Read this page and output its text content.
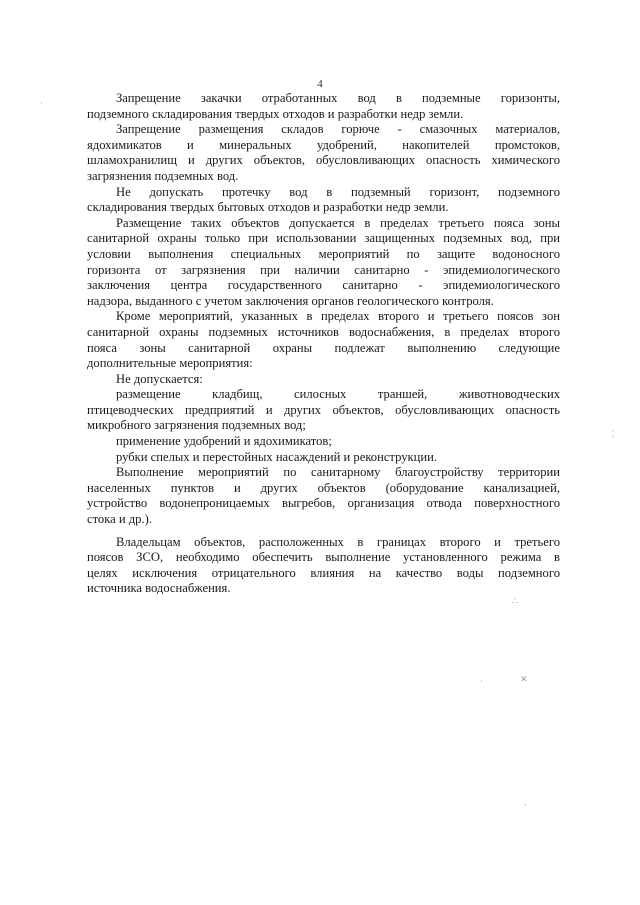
4
Запрещение закачки отработанных вод в подземные горизонты,
подземного складирования твердых отходов и разработки недр земли.
Запрещение размещения складов горюче - смазочных материалов,
ядохимикатов и минеральных удобрений, накопителей промстоков,
шламохранилищ и других объектов, обусловливающих опасность химического
загрязнения подземных вод.
Не допускать протечку вод в подземный горизонт, подземного
складирования твердых бытовых отходов и разработки недр земли.
Размещение таких объектов допускается в пределах третьего пояса зоны
санитарной охраны только при использовании защищенных подземных вод, при
условии выполнения специальных мероприятий по защите водоносного
горизонта от загрязнения при наличии санитарно - эпидемиологического
заключения центра государственного санитарно - эпидемиологического
надзора, выданного с учетом заключения органов геологического контроля.
Кроме мероприятий, указанных в пределах второго и третьего поясов зон
санитарной охраны подземных источников водоснабжения, в пределах второго
пояса зоны санитарной охраны подлежат выполнению следующие
дополнительные мероприятия:
Не допускается:
размещение кладбищ, силосных траншей, животноводческих
птицеводческих предприятий и других объектов, обусловливающих опасность
микробного загрязнения подземных вод;
применение удобрений и ядохимикатов;
рубки спелых и перестойных насаждений и реконструкции.
Выполнение мероприятий по санитарному благоустройству территории
населенных пунктов и других объектов (оборудование канализацией,
устройство водонепроницаемых выгребов, организация отвода поверхностного
стока и др.).
Владельцам объектов, расположенных в границах второго и третьего
поясов ЗСО, необходимо обеспечить выполнение установленного режима в
целях исключения отрицательного влияния на качество воды подземного
источника водоснабжения.
·
¦
∴
·	✕
·
